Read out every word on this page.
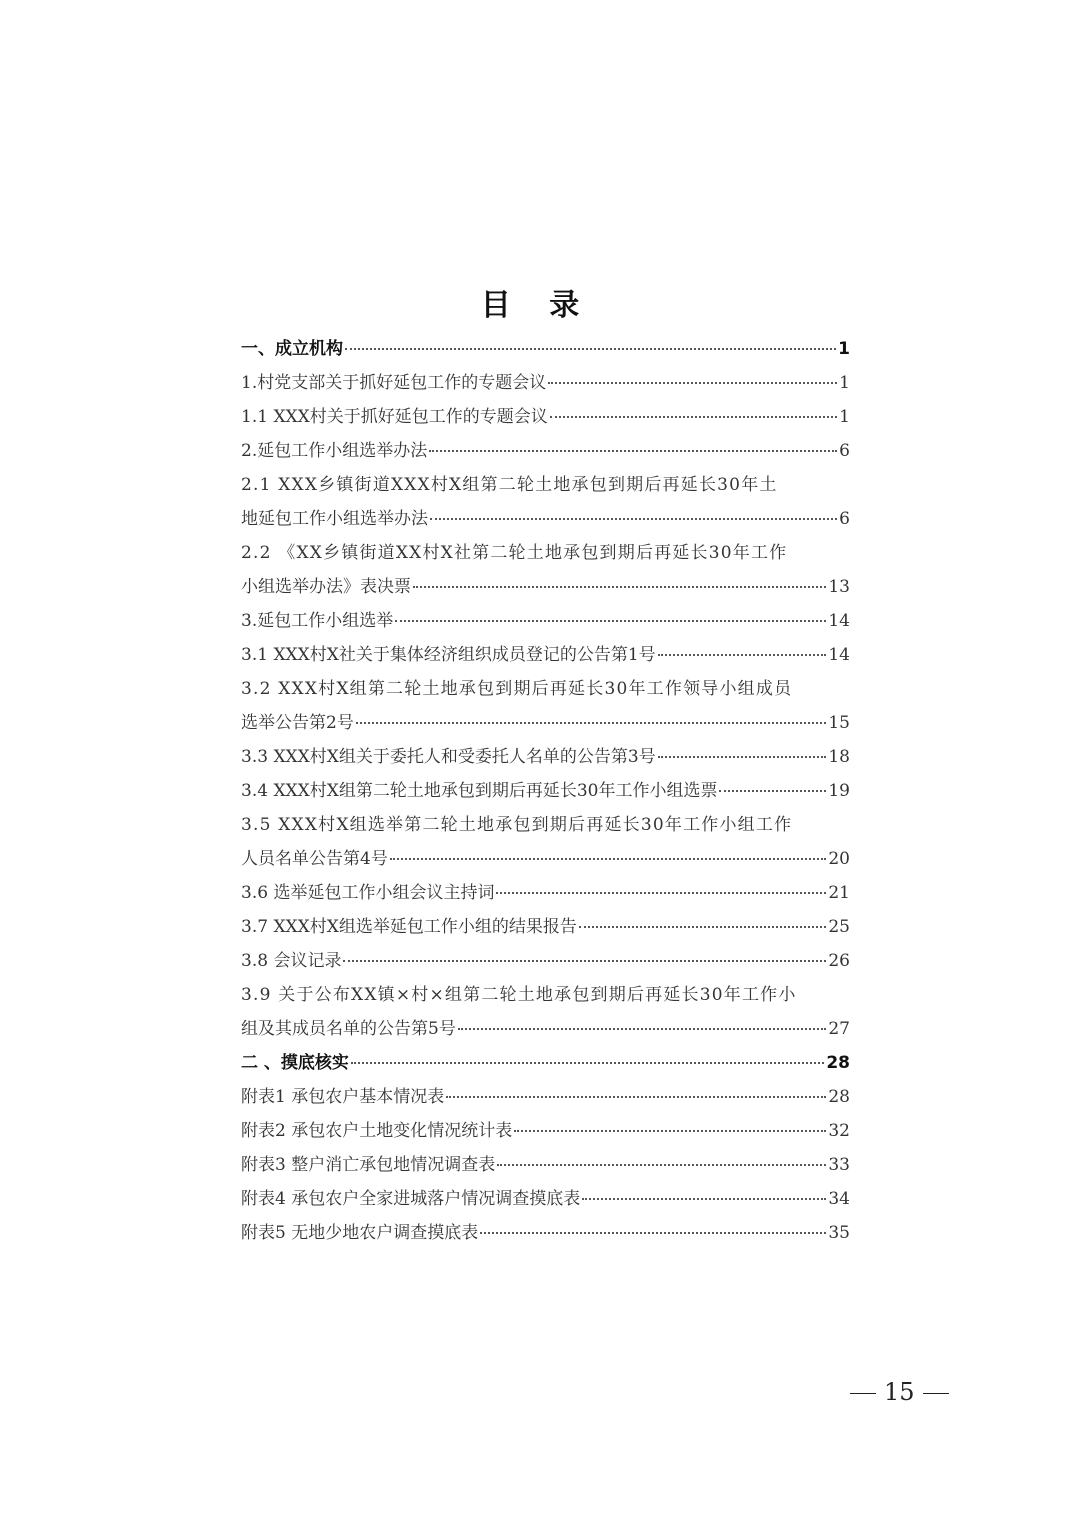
目 录
一、成立机构	1
1.村党支部关于抓好延包工作的专题会议	1
1.1 XXX村关于抓好延包工作的专题会议	1
2.延包工作小组选举办法	6
2.1 XXX乡镇街道XXX村X组第二轮土地承包到期后再延长30年土
地延包工作小组选举办法	6
2.2 《XX乡镇街道XX村X社第二轮土地承包到期后再延长30年工作
小组选举办法》表决票	13
3.延包工作小组选举	14
3.1 XXX村X社关于集体经济组织成员登记的公告第1号	14
3.2 XXX村X组第二轮土地承包到期后再延长30年工作领导小组成员
选举公告第2号	15
3.3 XXX村X组关于委托人和受委托人名单的公告第3号	18
3.4 XXX村X组第二轮土地承包到期后再延长30年工作小组选票	19
3.5 XXX村X组选举第二轮土地承包到期后再延长30年工作小组工作
人员名单公告第4号	20
3.6 选举延包工作小组会议主持词	21
3.7 XXX村X组选举延包工作小组的结果报告	25
3.8 会议记录	26
3.9 关于公布XX镇×村×组第二轮土地承包到期后再延长30年工作小
组及其成员名单的公告第5号	27
二 、摸底核实	28
附表1 承包农户基本情况表	28
附表2 承包农户土地变化情况统计表	32
附表3 整户消亡承包地情况调查表	33
附表4 承包农户全家进城落户情况调查摸底表	34
附表5 无地少地农户调查摸底表	35
15
